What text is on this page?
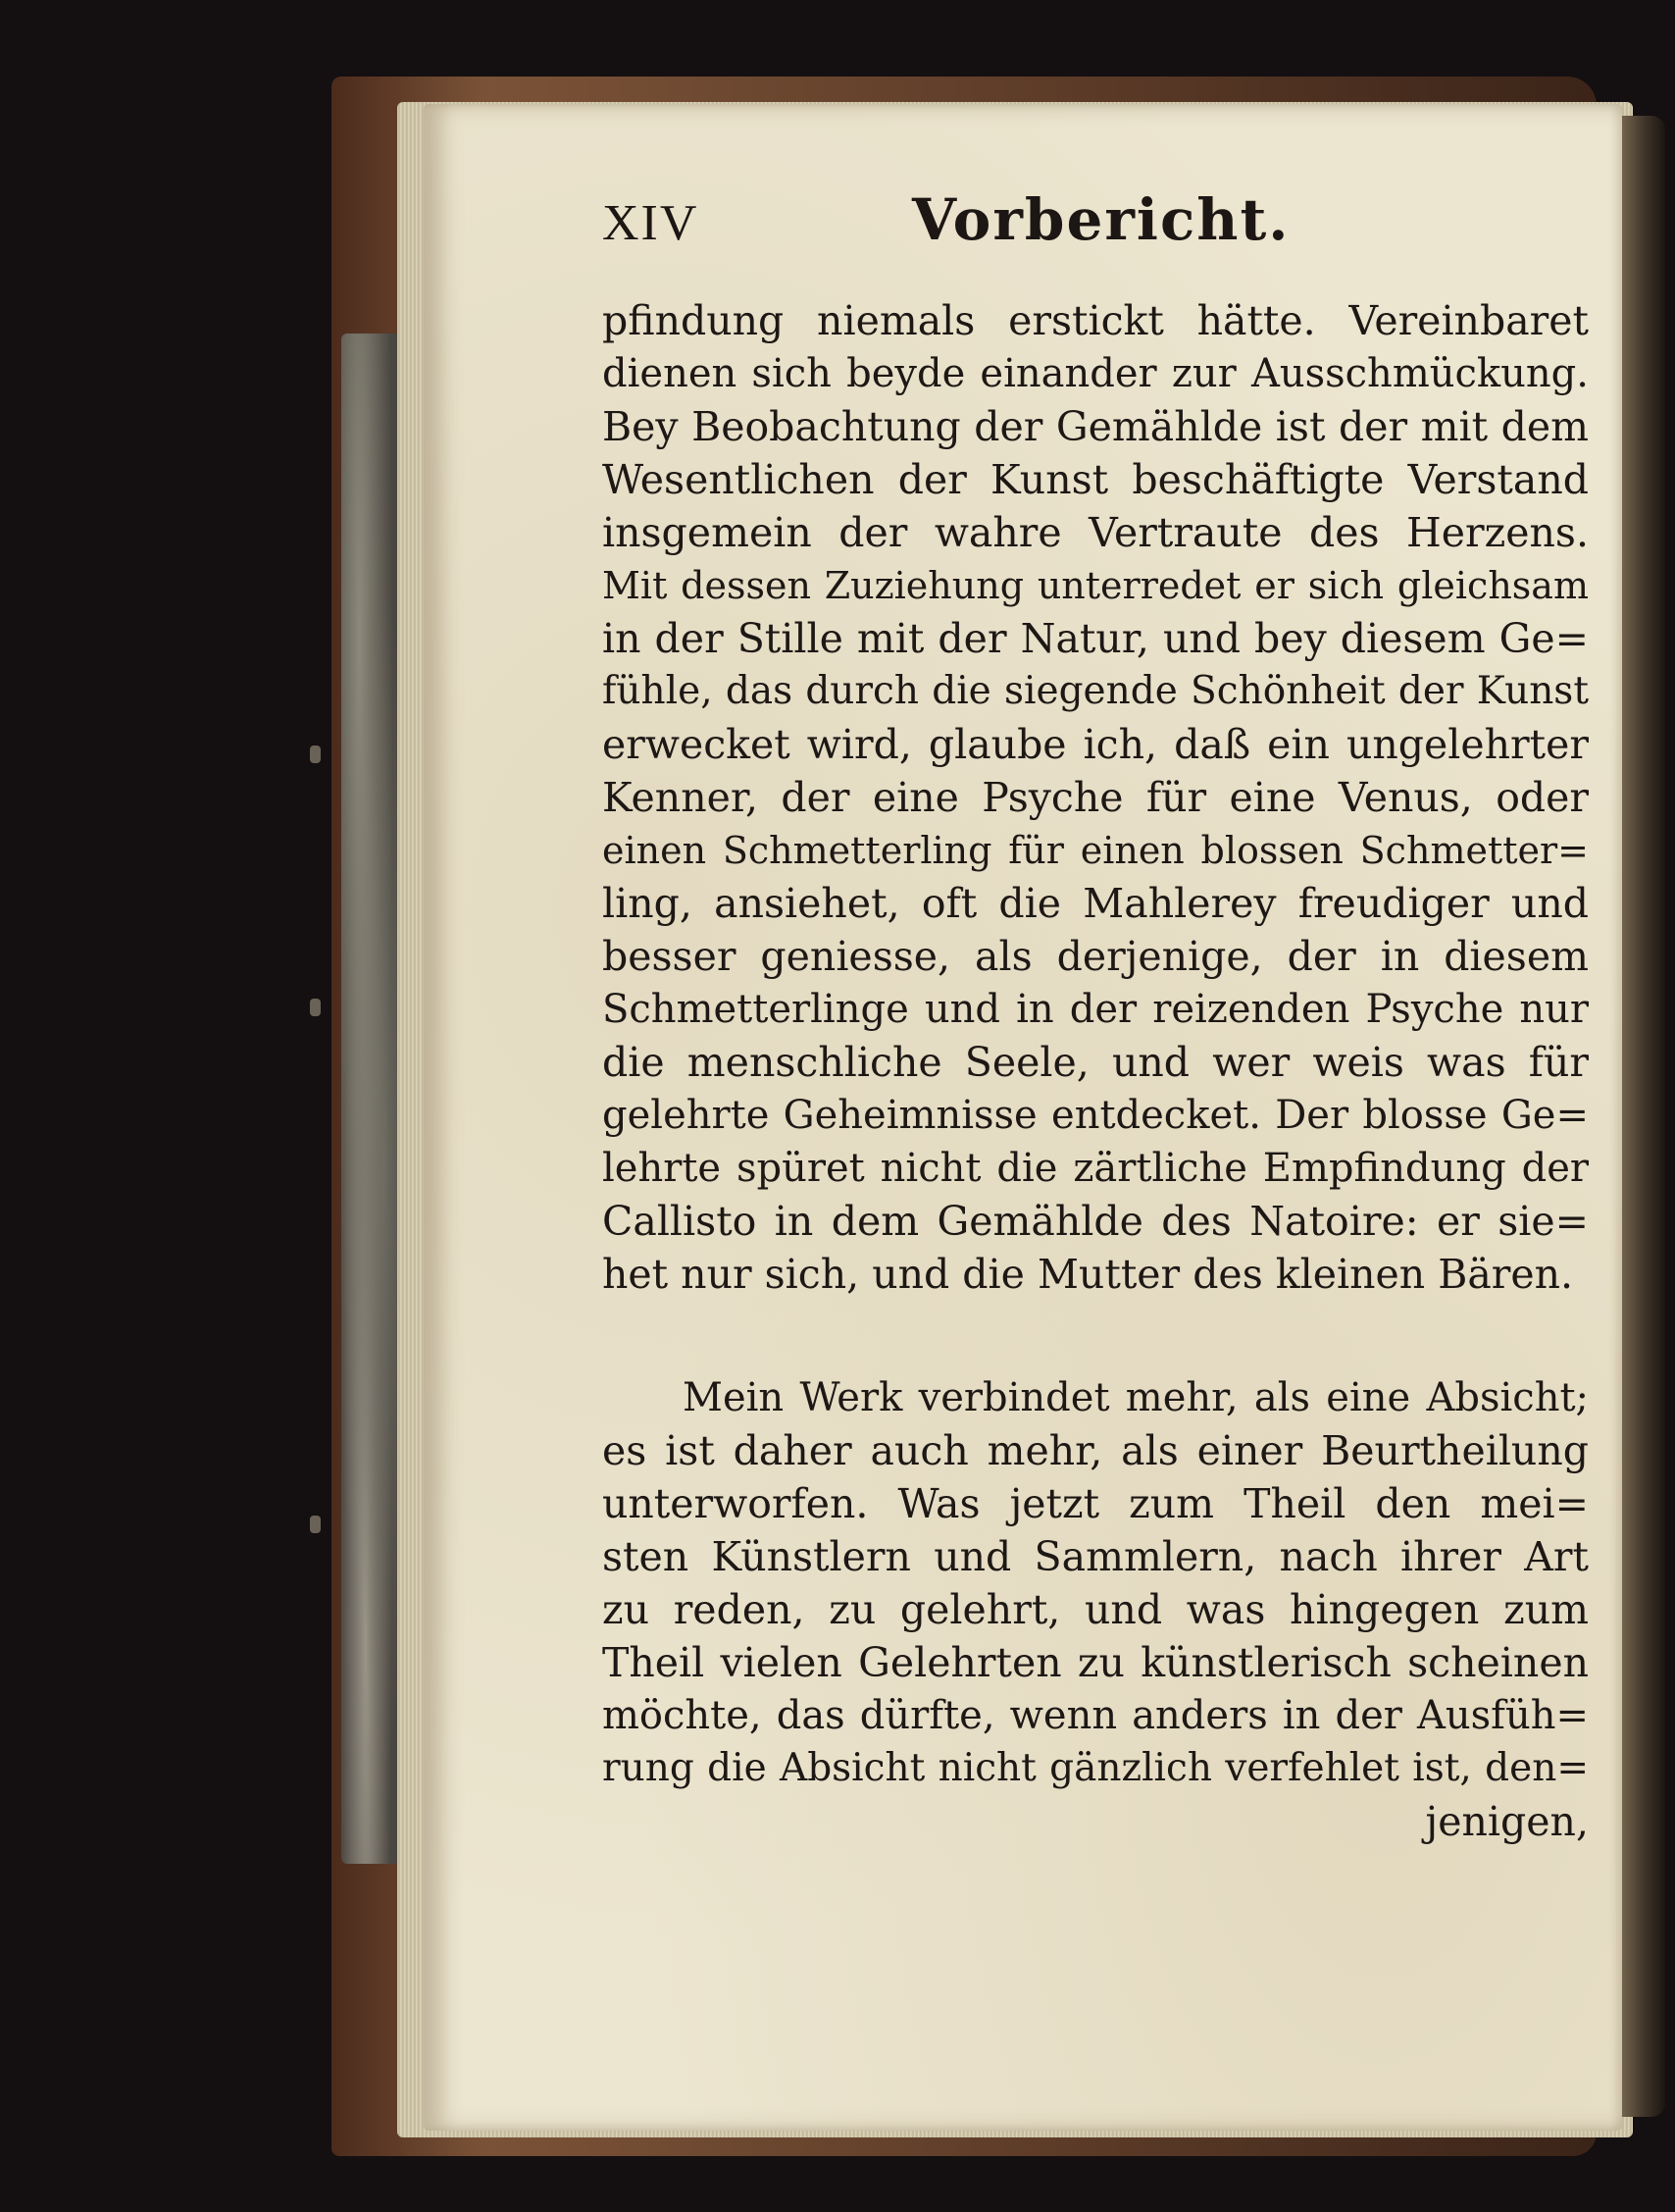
XIV	Vorbericht.
pfindung niemals erstickt hätte. Vereinbaret
dienen sich beyde einander zur Ausschmückung.
Bey Beobachtung der Gemählde ist der mit dem
Wesentlichen der Kunst beschäftigte Verstand
insgemein der wahre Vertraute des Herzens.
Mit dessen Zuziehung unterredet er sich gleichsam
in der Stille mit der Natur, und bey diesem Ge=
fühle, das durch die siegende Schönheit der Kunst
erwecket wird, glaube ich, daß ein ungelehrter
Kenner, der eine Psyche für eine Venus, oder
einen Schmetterling für einen blossen Schmetter=
ling, ansiehet, oft die Mahlerey freudiger und
besser geniesse, als derjenige, der in diesem
Schmetterlinge und in der reizenden Psyche nur
die menschliche Seele, und wer weis was für
gelehrte Geheimnisse entdecket. Der blosse Ge=
lehrte spüret nicht die zärtliche Empfindung der
Callisto in dem Gemählde des Natoire: er sie=
het nur sich, und die Mutter des kleinen Bären.
Mein Werk verbindet mehr, als eine Absicht;
es ist daher auch mehr, als einer Beurtheilung
unterworfen. Was jetzt zum Theil den mei=
sten Künstlern und Sammlern, nach ihrer Art
zu reden, zu gelehrt, und was hingegen zum
Theil vielen Gelehrten zu künstlerisch scheinen
möchte, das dürfte, wenn anders in der Ausfüh=
rung die Absicht nicht gänzlich verfehlet ist, den=
jenigen,
